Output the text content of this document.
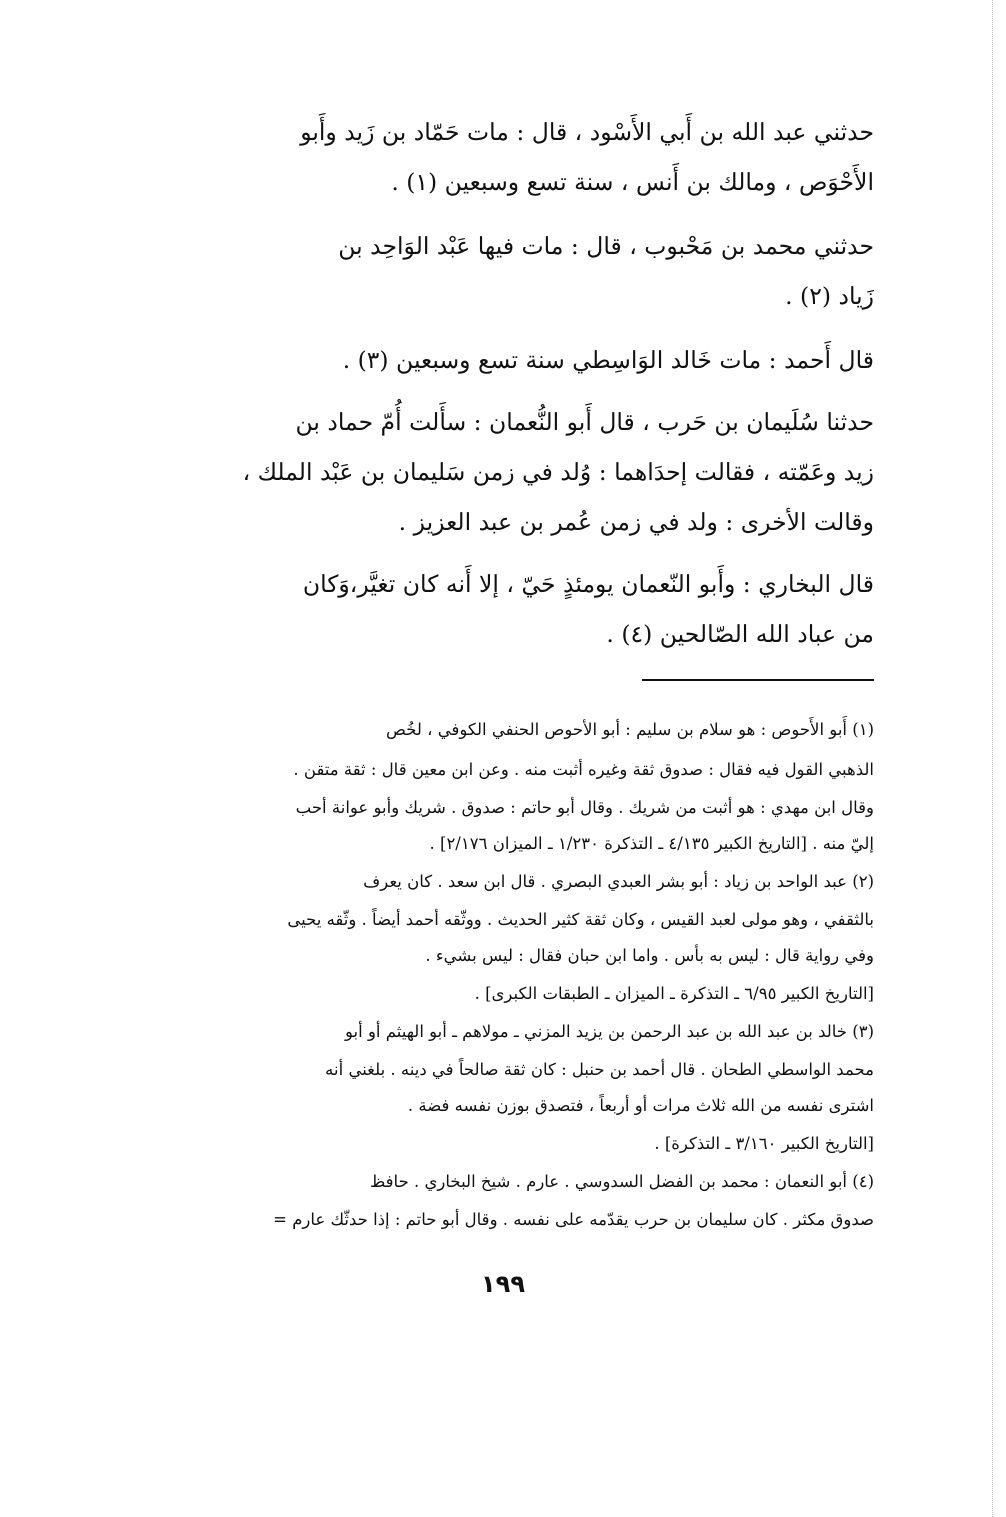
حدثني عبد الله بن أَبي الأَسْود ، قال : مات حَمّاد بن زَيد وأَبو
الأَحْوَص ، ومالك بن أَنس ، سنة تسع وسبعين (١) .
حدثني محمد بن مَحْبوب ، قال : مات فيها عَبْد الوَاحِد بن
زَياد (٢) .
قال أَحمد : مات خَالد الوَاسِطي سنة تسع وسبعين (٣) .
حدثنا سُلَيمان بن حَرب ، قال أَبو النُّعمان : سأَلت أُمّ حماد بن
زيد وعَمّته ، فقالت إحدَاهما : وُلد في زمن سَليمان بن عَبْد الملك ،
وقالت الأخرى : ولد في زمن عُمر بن عبد العزيز .
قال البخاري : وأَبو النّعمان يومئذٍ حَيّ ، إلا أَنه كان تغيَّر،وَكان
من عباد الله الصّالحين (٤) .
(١) أَبو الأَحوص : هو سلام بن سليم : أبو الأحوص الحنفي الكوفي ، لخُص
الذهبي القول فيه فقال : صدوق ثقة وغيره أثبت منه . وعن ابن معين قال : ثقة متقن .
وقال ابن مهدي : هو أثبت من شريك . وقال أبو حاتم : صدوق . شريك وأبو عوانة أحب
إليّ منه . [التاريخ الكبير ٤/١٣٥ ـ التذكرة ١/٢٣٠ ـ الميزان ٢/١٧٦] .
(٢) عبد الواحد بن زياد : أبو بشر العبدي البصري . قال ابن سعد . كان يعرف
بالثقفي ، وهو مولى لعبد القيس ، وكان ثقة كثير الحديث . ووثّقه أحمد أيضاً . وثّقه يحيى
وفي رواية قال : ليس به بأس . واما ابن حبان فقال : ليس بشيء .
[التاريخ الكبير ٦/٩٥ ـ التذكرة ـ الميزان ـ الطبقات الكبرى] .
(٣) خالد بن عبد الله بن عبد الرحمن بن يزيد المزني ـ مولاهم ـ أبو الهيثم أو أبو
محمد الواسطي الطحان . قال أحمد بن حنبل : كان ثقة صالحاً في دينه . بلغني أنه
اشترى نفسه من الله ثلاث مرات أو أربعاً ، فتصدق بوزن نفسه فضة .
[التاريخ الكبير ٣/١٦٠ ـ التذكرة] .
(٤) أبو النعمان : محمد بن الفضل السدوسي . عارم . شيخ البخاري . حافظ
صدوق مكثر . كان سليمان بن حرب يقدّمه على نفسه . وقال أبو حاتم : إذا حدثّك عارم =
١٩٩
